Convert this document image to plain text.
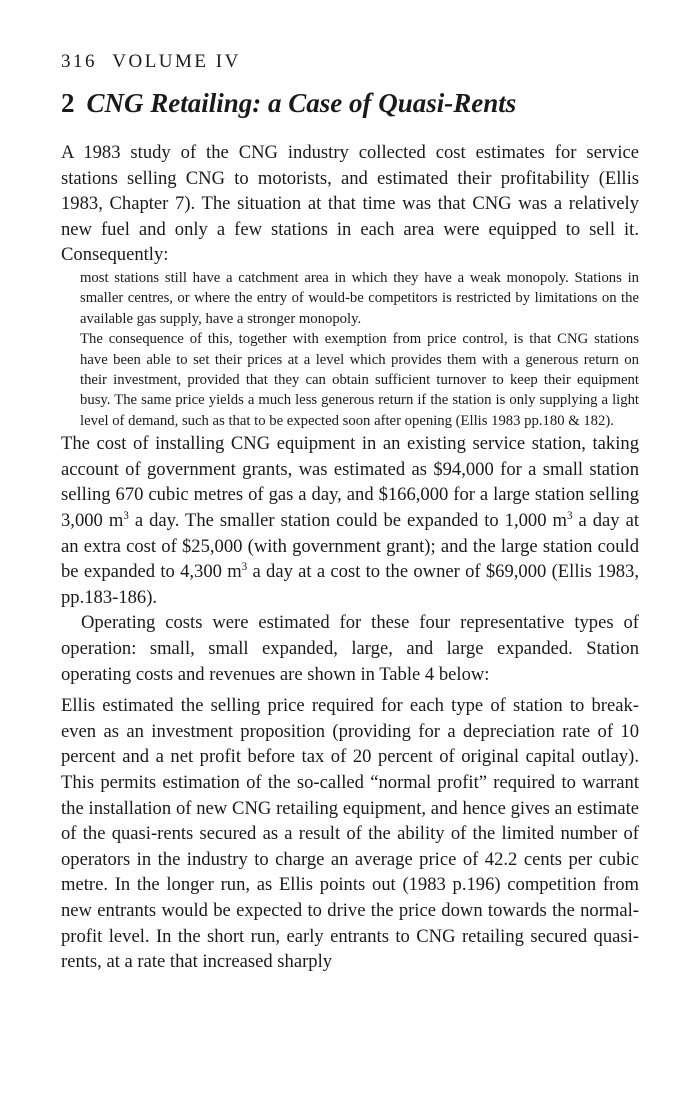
316 VOLUME IV
2 CNG Retailing: a Case of Quasi-Rents

A 1983 study of the CNG industry collected cost estimates for service stations selling CNG to motorists, and estimated their profitability (Ellis 1983, Chapter 7). The situation at that time was that CNG was a relatively new fuel and only a few stations in each area were equipped to sell it. Consequently:

most stations still have a catchment area in which they have a weak monopoly. Stations in smaller centres, or where the entry of would-be competitors is restricted by limitations on the available gas supply, have a stronger monopoly.

The consequence of this, together with exemption from price control, is that CNG stations have been able to set their prices at a level which provides them with a generous return on their investment, provided that they can obtain sufficient turnover to keep their equipment busy. The same price yields a much less generous return if the station is only supplying a light level of demand, such as that to be expected soon after opening (Ellis 1983 pp.180 & 182).

The cost of installing CNG equipment in an existing service station, taking account of government grants, was estimated as $94,000 for a small station selling 670 cubic metres of gas a day, and $166,000 for a large station selling 3,000 $m^3$ a day. The smaller station could be expanded to 1,000 $m^3$ a day at an extra cost of $25,000 (with government grant); and the large station could be expanded to 4,300 $m^3$ a day at a cost to the owner of $69,000 (Ellis 1983, pp.183-186).

Operating costs were estimated for these four representative types of operation: small, small expanded, large, and large expanded. Station operating costs and revenues are shown in Table 4 below:

Ellis estimated the selling price required for each type of station to break-even as an investment proposition (providing for a depreciation rate of 10 percent and a net profit before tax of 20 percent of original capital outlay). This permits estimation of the so-called “normal profit” required to warrant the installation of new CNG retailing equipment, and hence gives an estimate of the quasi-rents secured as a result of the ability of the limited number of operators in the industry to charge an average price of 42.2 cents per cubic metre. In the longer run, as Ellis points out (1983 p.196) competition from new entrants would be expected to drive the price down towards the normal-profit level. In the short run, early entrants to CNG retailing secured quasi-rents, at a rate that increased sharply
